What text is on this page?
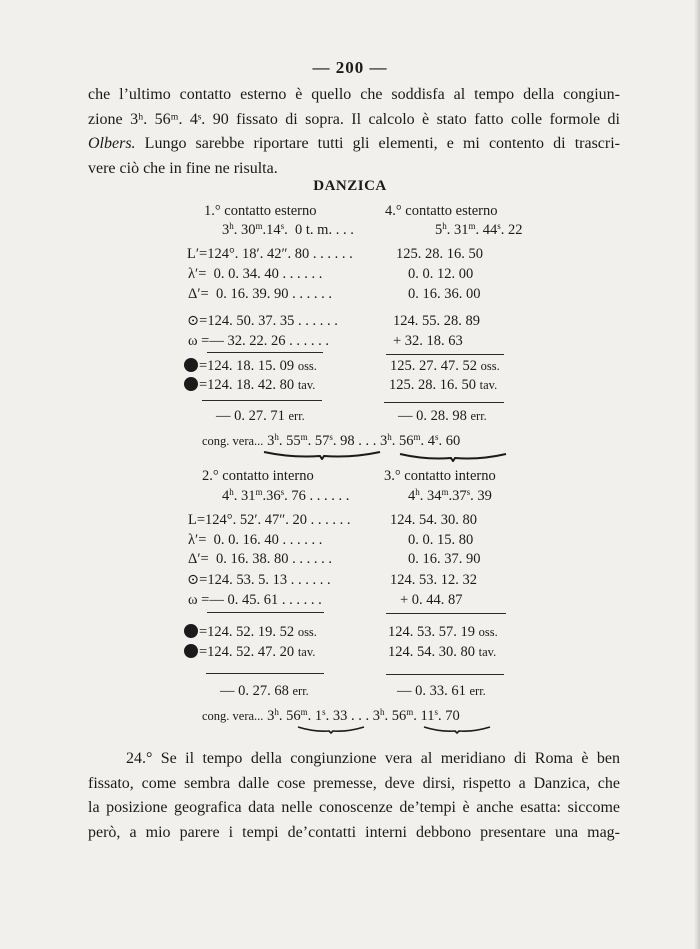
— 200 —
che l’ultimo contatto esterno è quello che soddisfa al tempo della congiun-
zione 3ʰ. 56ᵐ. 4ˢ. 90 fissato di sopra. Il calcolo è stato fatto colle formole di
Olbers. Lungo sarebbe riportare tutti gli elementi, e mi contento di trascri-
vere ciò che in fine ne risulta.
DANZICA
1.° contatto esterno	4.° contatto esterno
3$^h$. 30$^m$.14$^s$.  0 t. m. . . .	5$^h$. 31$^m$. 44$^s$. 22
L′=124°. 18′. 42″. 80 . . . . . .	125. 28. 16. 50
λ′= 0. 0. 34. 40 . . . . . .	0. 0. 12. 00
Δ′= 0. 16. 39. 90 . . . . . .	0. 16. 36. 00
⊙=124. 50. 37. 35 . . . . . .	124. 55. 28. 89
ω =— 32. 22. 26 . . . . . .	+ 32. 18. 63
=124. 18. 15. 09 oss.	125. 27. 47. 52 oss.
=124. 18. 42. 80 tav.	125. 28. 16. 50 tav.
— 0. 27. 71 err.	— 0. 28. 98 err.
cong. vera... 3$^h$. 55$^m$. 57$^s$. 98 . . . 3$^h$. 56$^m$. 4$^s$. 60
2.° contatto interno	3.° contatto interno
4$^h$. 31$^m$.36$^s$. 76 . . . . . .	4$^h$. 34$^m$.37$^s$. 39
L=124°. 52′. 47″. 20 . . . . . .	124. 54. 30. 80
λ′= 0. 0. 16. 40 . . . . . .	0. 0. 15. 80
Δ′= 0. 16. 38. 80 . . . . . .	0. 16. 37. 90
⊙=124. 53. 5. 13 . . . . . .	124. 53. 12. 32
ω =— 0. 45. 61 . . . . . .	+ 0. 44. 87
=124. 52. 19. 52 oss.	124. 53. 57. 19 oss.
=124. 52. 47. 20 tav.	124. 54. 30. 80 tav.
— 0. 27. 68 err.	— 0. 33. 61 err.
cong. vera... 3$^h$. 56$^m$. 1$^s$. 33 . . . 3$^h$. 56$^m$. 11$^s$. 70
24.° Se il tempo della congiunzione vera al meridiano di Roma è ben
fissato, come sembra dalle cose premesse, deve dirsi, rispetto a Danzica, che
la posizione geografica data nelle conoscenze de’tempi è anche esatta: siccome
però, a mio parere i tempi de’contatti interni debbono presentare una mag-
